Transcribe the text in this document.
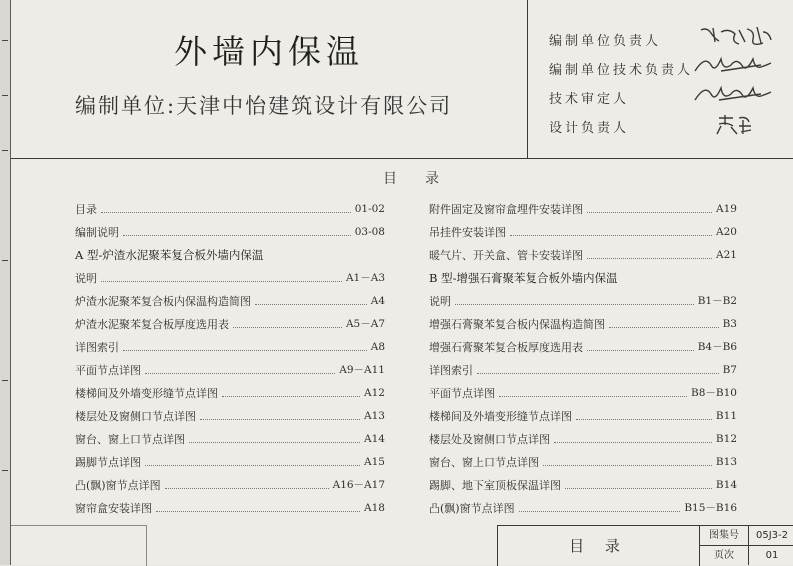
外墙内保温
编制单位:天津中怡建筑设计有限公司
编制单位负责人
编制单位技术负责人
技术审定人
设计负责人
目 录
目录	01-02
编制说明	03-08
A 型-炉渣水泥聚苯复合板外墙内保温
说明	A1－A3
炉渣水泥聚苯复合板内保温构造简图	A4
炉渣水泥聚苯复合板厚度选用表	A5－A7
详图索引	A8
平面节点详图	A9－A11
楼梯间及外墙变形缝节点详图	A12
楼层处及窗侧口节点详图	A13
窗台、窗上口节点详图	A14
踢脚节点详图	A15
凸(飘)窗节点详图	A16－A17
窗帘盒安装详图	A18
附件固定及窗帘盒埋件安装详图	A19
吊挂件安装详图	A20
暖气片、开关盒、管卡安装详图	A21
B 型-增强石膏聚苯复合板外墙内保温
说明	B1－B2
增强石膏聚苯复合板内保温构造简图	B3
增强石膏聚苯复合板厚度选用表	B4－B6
详图索引	B7
平面节点详图	B8－B10
楼梯间及外墙变形缝节点详图	B11
楼层处及窗侧口节点详图	B12
窗台、窗上口节点详图	B13
踢脚、地下室顶板保温详图	B14
凸(飘)窗节点详图	B15－B16
目 录
图集号	05J3-2
页次	01
